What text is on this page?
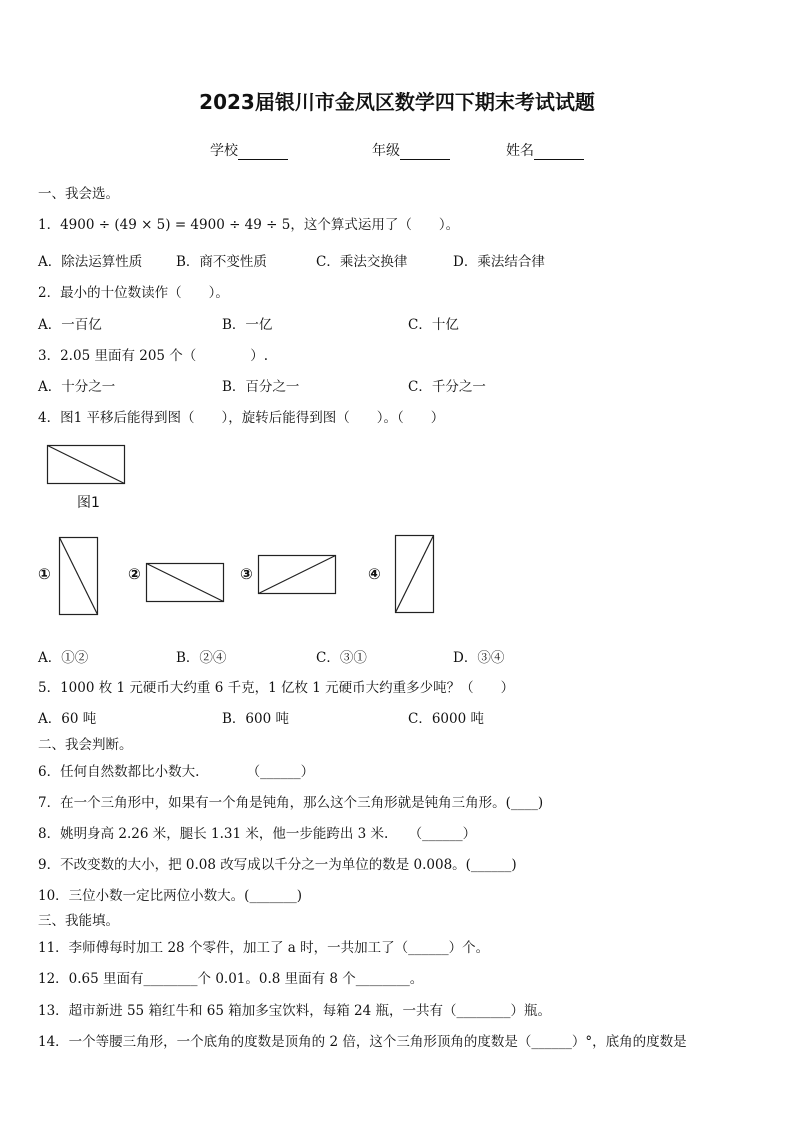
2023届银川市金凤区数学四下期末考试试题
学校	年级	姓名
一、我会选。
1．4900 ÷ (49 × 5) = 4900 ÷ 49 ÷ 5，这个算式运用了（　　）。
A．除法运算性质	B．商不变性质	C．乘法交换律	D．乘法结合律
2．最小的十位数读作（　　）。
A．一百亿	B．一亿	C．十亿
3．2.05 里面有 205 个（　　　　）.
A．十分之一	B．百分之一	C．千分之一
4．图1 平移后能得到图（　　），旋转后能得到图（　　）。（　　）
图1
①	②	③	④
A．①②	B．②④	C．③①	D．③④
5．1000 枚 1 元硬币大约重 6 千克，1 亿枚 1 元硬币大约重多少吨？（　　）
A．60 吨	B．600 吨	C．6000 吨
二、我会判断。
6．任何自然数都比小数大.　　　　（______）
7．在一个三角形中，如果有一个角是钝角，那么这个三角形就是钝角三角形。(____)
8．姚明身高 2.26 米，腿长 1.31 米，他一步能跨出 3 米.　　（______）
9．不改变数的大小，把 0.08 改写成以千分之一为单位的数是 0.008。(______)
10．三位小数一定比两位小数大。(_______)
三、我能填。
11．李师傅每时加工 28 个零件，加工了 a 时，一共加工了（______）个。
12．0.65 里面有________个 0.01。0.8 里面有 8 个________。
13．超市新进 55 箱红牛和 65 箱加多宝饮料，每箱 24 瓶，一共有（________）瓶。
14．一个等腰三角形，一个底角的度数是顶角的 2 倍，这个三角形顶角的度数是（______）°，底角的度数是
